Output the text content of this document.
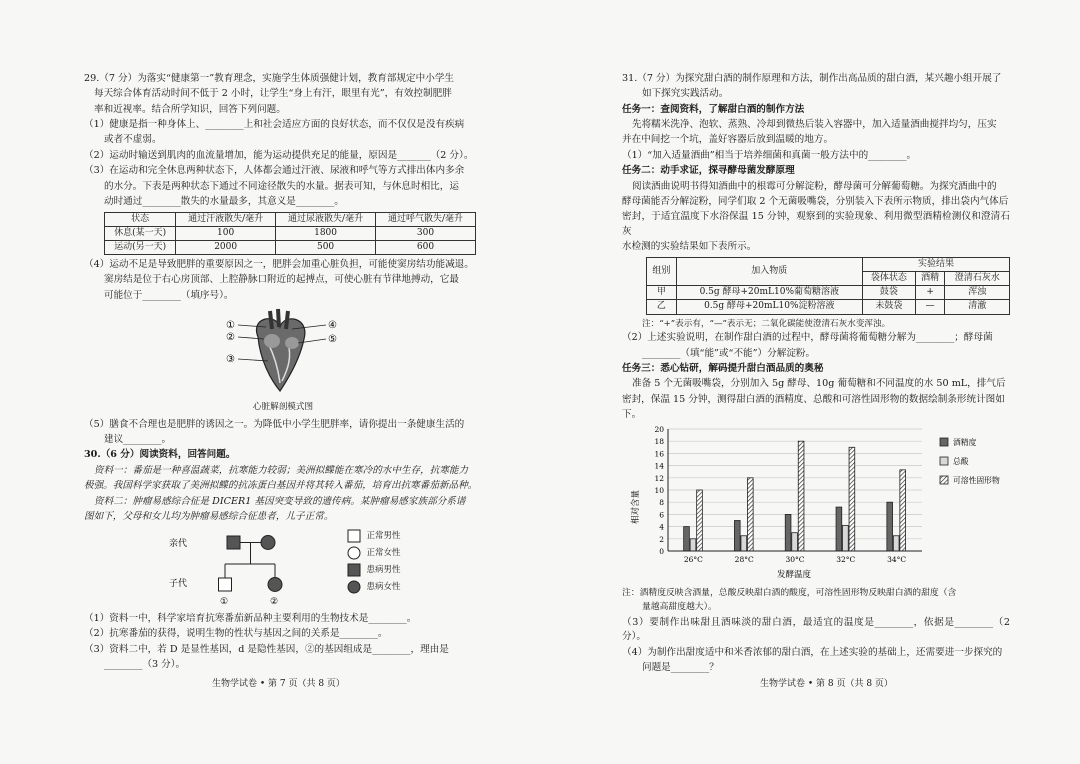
29.（7 分）为落实“健康第一”教育理念，实施学生体质强健计划，教育部规定中小学生
每天综合体育活动时间不低于 2 小时，让学生“身上有汗，眼里有光”，有效控制肥胖
率和近视率。结合所学知识，回答下列问题。
（1）健康是指一种身体上、________上和社会适应方面的良好状态，而不仅仅是没有疾病
或者不虚弱。
（2）运动时输送到肌肉的血流量增加，能为运动提供充足的能量，原因是_______（2 分）。
（3）在运动和完全休息两种状态下，人体都会通过汗液、尿液和呼气等方式排出体内多余
的水分。下表是两种状态下通过不同途径散失的水量。据表可知，与休息时相比，运
动时通过________散失的水量最多，其意义是________。
状态	通过汗液散失/毫升	通过尿液散失/毫升	通过呼气散失/毫升
休息(某一天)	100	1800	300
运动(另一天)	2000	500	600
（4）运动不足是导致肥胖的重要原因之一，肥胖会加重心脏负担，可能使窦房结功能减退。
窦房结是位于右心房顶部、上腔静脉口附近的起搏点，可使心脏有节律地搏动，它最
可能位于________（填序号）。
①
②
③
④
⑤
心脏解剖模式图
（5）膳食不合理也是肥胖的诱因之一。为降低中小学生肥胖率，请你提出一条健康生活的
建议________。
30.（6 分）阅读资料，回答问题。
资料一：番茄是一种喜温蔬菜，抗寒能力较弱；美洲拟鲽能在寒冷的水中生存，抗寒能力
极强。我国科学家获取了美洲拟鲽的抗冻蛋白基因并将其转入番茄，培育出抗寒番茄新品种。
资料二：肿瘤易感综合征是 DICER1 基因突变导致的遗传病。某肿瘤易感家族部分系谱
图如下，父母和女儿均为肿瘤易感综合征患者，儿子正常。
亲代
子代
①	②
正常男性
正常女性
患病男性
患病女性
（1）资料一中，科学家培育抗寒番茄新品种主要利用的生物技术是________。
（2）抗寒番茄的获得，说明生物的性状与基因之间的关系是________。
（3）资料二中，若 D 是显性基因，d 是隐性基因，②的基因组成是________，理由是
________（3 分）。
生物学试卷 • 第 7 页（共 8 页）
31.（7 分）为探究甜白酒的制作原理和方法，制作出高品质的甜白酒，某兴趣小组开展了
如下探究实践活动。
任务一：查阅资料，了解甜白酒的制作方法
先将糯米洗净、泡软、蒸熟、冷却到微热后装入容器中，加入适量酒曲搅拌均匀，压实
并在中间挖一个坑，盖好容器后放到温暖的地方。
（1）“加入适量酒曲”相当于培养细菌和真菌一般方法中的________。
任务二：动手求证，探寻酵母菌发酵原理
阅读酒曲说明书得知酒曲中的根霉可分解淀粉，酵母菌可分解葡萄糖。为探究酒曲中的
酵母菌能否分解淀粉，同学们取 2 个无菌吸嘴袋，分别装入下表所示物质，排出袋内气体后
密封，于适宜温度下水浴保温 15 分钟，观察到的实验现象、利用微型酒精检测仪和澄清石灰
水检测的实验结果如下表所示。
组别	加入物质	实验结果		
		袋体状态	酒精	澄清石灰水
甲	0.5g 酵母+20mL10%葡萄糖溶液	鼓袋	+	浑浊
乙	0.5g 酵母+20mL10%淀粉溶液	未鼓袋	—	清澈
注：“+”表示有，“—”表示无；二氧化碳能使澄清石灰水变浑浊。
（2）上述实验说明，在制作甜白酒的过程中，酵母菌将葡萄糖分解为________；酵母菌
________（填“能”或“不能”）分解淀粉。
任务三：悉心钻研，解码提升甜白酒品质的奥秘
准备 5 个无菌吸嘴袋，分别加入 5g 酵母、10g 葡萄糖和不同温度的水 50 mL，排气后
密封，保温 15 分钟，测得甜白酒的酒精度、总酸和可溶性固形物的数据绘制条形统计图如
下。
0
2
4
6
8
10
12
14
16
18
20
26°C	28°C	30°C	32°C	34°C
相对含量
发酵温度
酒精度
总酸
可溶性固形物
注：酒精度反映含酒量，总酸反映甜白酒的酸度，可溶性固形物反映甜白酒的甜度（含
量越高甜度越大）。
（3）要制作出味甜且酒味淡的甜白酒，最适宜的温度是________，依据是________（2 分）。
（4）为制作出甜度适中和米香浓郁的甜白酒，在上述实验的基础上，还需要进一步探究的
问题是________？
生物学试卷 • 第 8 页（共 8 页）
